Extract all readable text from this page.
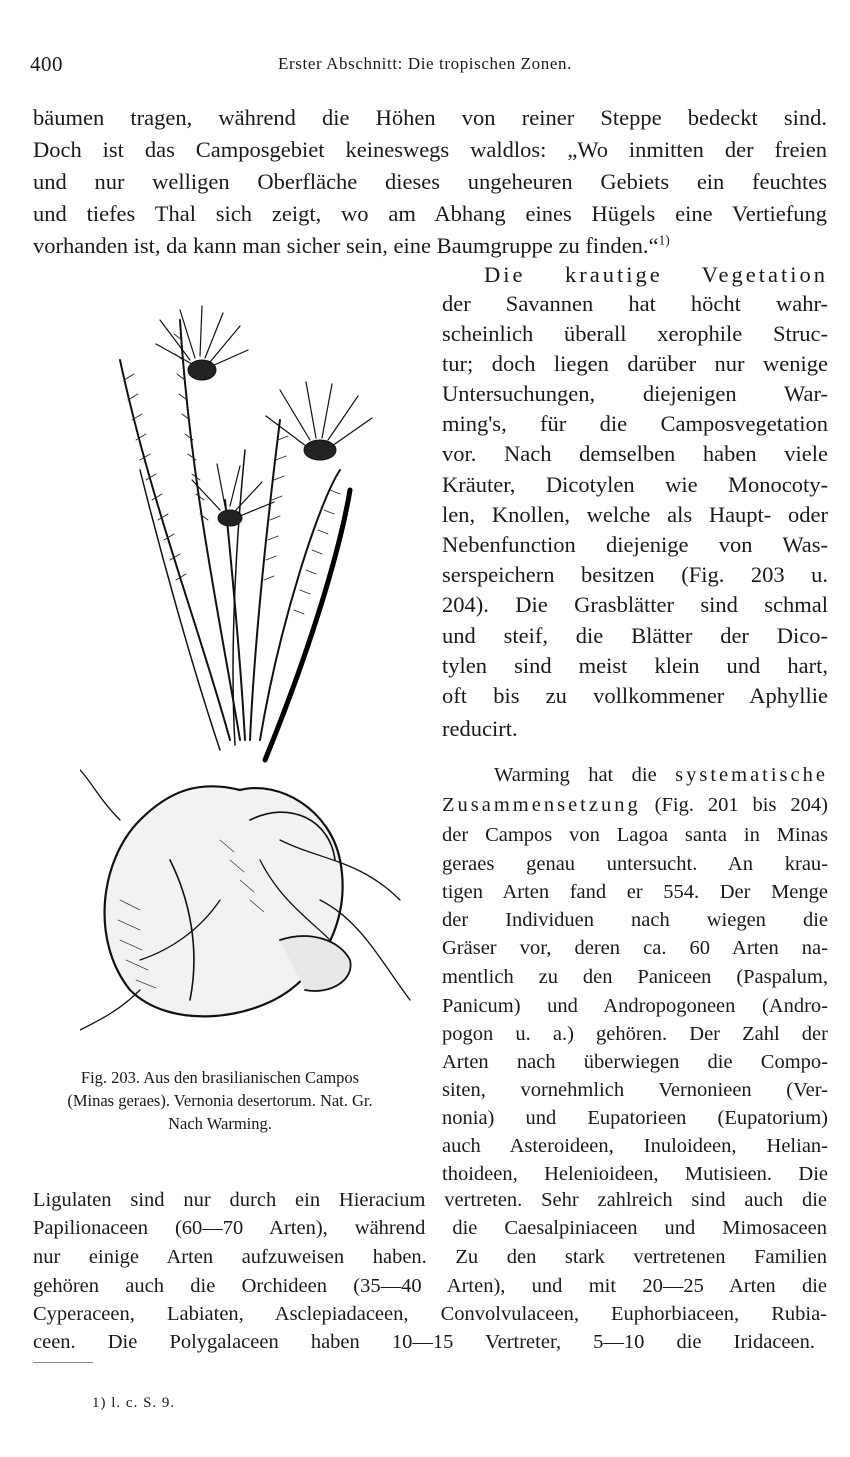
400	Erster Abschnitt: Die tropischen Zonen.
bäumen tragen, während die Höhen von reiner Steppe bedeckt sind.
Doch ist das Camposgebiet keineswegs waldlos: „Wo inmitten der freien
und nur welligen Oberfläche dieses ungeheuren Gebiets ein feuchtes
und tiefes Thal sich zeigt, wo am Abhang eines Hügels eine Vertiefung
vorhanden ist, da kann man sicher sein, eine Baumgruppe zu finden.“$^{1)}$
Die krautige Vegetation
der Savannen hat höcht wahr-
scheinlich überall xerophile Struc-
tur; doch liegen darüber nur wenige
Untersuchungen, diejenigen War-
ming's, für die Camposvegetation
vor. Nach demselben haben viele
Kräuter, Dicotylen wie Monocoty-
len, Knollen, welche als Haupt- oder
Nebenfunction diejenige von Was-
serspeichern besitzen (Fig. 203 u.
204). Die Grasblätter sind schmal
und steif, die Blätter der Dico-
tylen sind meist klein und hart,
oft bis zu vollkommener Aphyllie
reducirt.
Warming hat die systematische
Zusammensetzung (Fig. 201 bis 204)
der Campos von Lagoa santa in Minas
geraes genau untersucht. An krau-
tigen Arten fand er 554. Der Menge
der Individuen nach wiegen die
Gräser vor, deren ca. 60 Arten na-
mentlich zu den Paniceen (Paspalum,
Panicum) und Andropogoneen (Andro-
pogon u. a.) gehören. Der Zahl der
Arten nach überwiegen die Compo-
siten, vornehmlich Vernonieen (Ver-
nonia) und Eupatorieen (Eupatorium)
auch Asteroideen, Inuloideen, Helian-
thoideen, Helenioideen, Mutisieen. Die
Ligulaten sind nur durch ein Hieracium vertreten. Sehr zahlreich sind auch die
Papilionaceen (60—70 Arten), während die Caesalpiniaceen und Mimosaceen
nur einige Arten aufzuweisen haben. Zu den stark vertretenen Familien
gehören auch die Orchideen (35—40 Arten), und mit 20—25 Arten die
Cyperaceen, Labiaten, Asclepiadaceen, Convolvulaceen, Euphorbiaceen, Rubia-
ceen. Die Polygalaceen haben 10—15 Vertreter, 5—10 die Iridaceen.
Fig. 203. Aus den brasilianischen Campos
(Minas geraes). Vernonia desertorum. Nat. Gr.
Nach Warming.
1) l. c. S. 9.
